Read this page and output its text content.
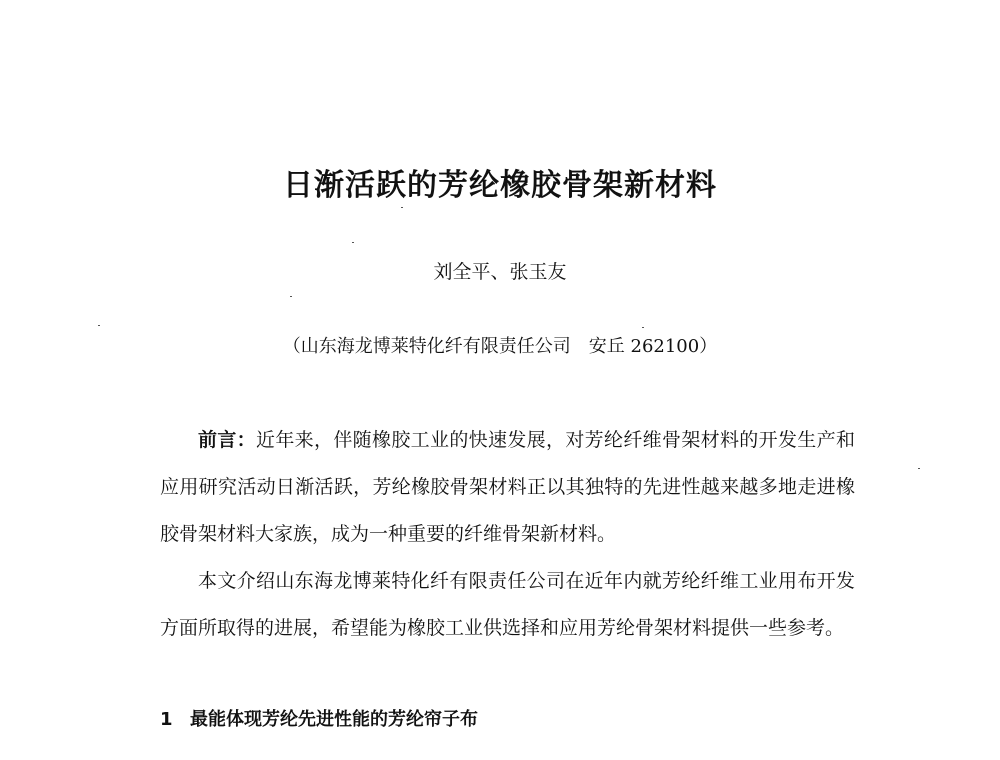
日渐活跃的芳纶橡胶骨架新材料
刘全平、张玉友
（山东海龙博莱特化纤有限责任公司　安丘 262100）

前言：近年来，伴随橡胶工业的快速发展，对芳纶纤维骨架材料的开发生产和应用研究活动日渐活跃，芳纶橡胶骨架材料正以其独特的先进性越来越多地走进橡胶骨架材料大家族，成为一种重要的纤维骨架新材料。

本文介绍山东海龙博莱特化纤有限责任公司在近年内就芳纶纤维工业用布开发方面所取得的进展，希望能为橡胶工业供选择和应用芳纶骨架材料提供一些参考。

1 最能体现芳纶先进性能的芳纶帘子布
